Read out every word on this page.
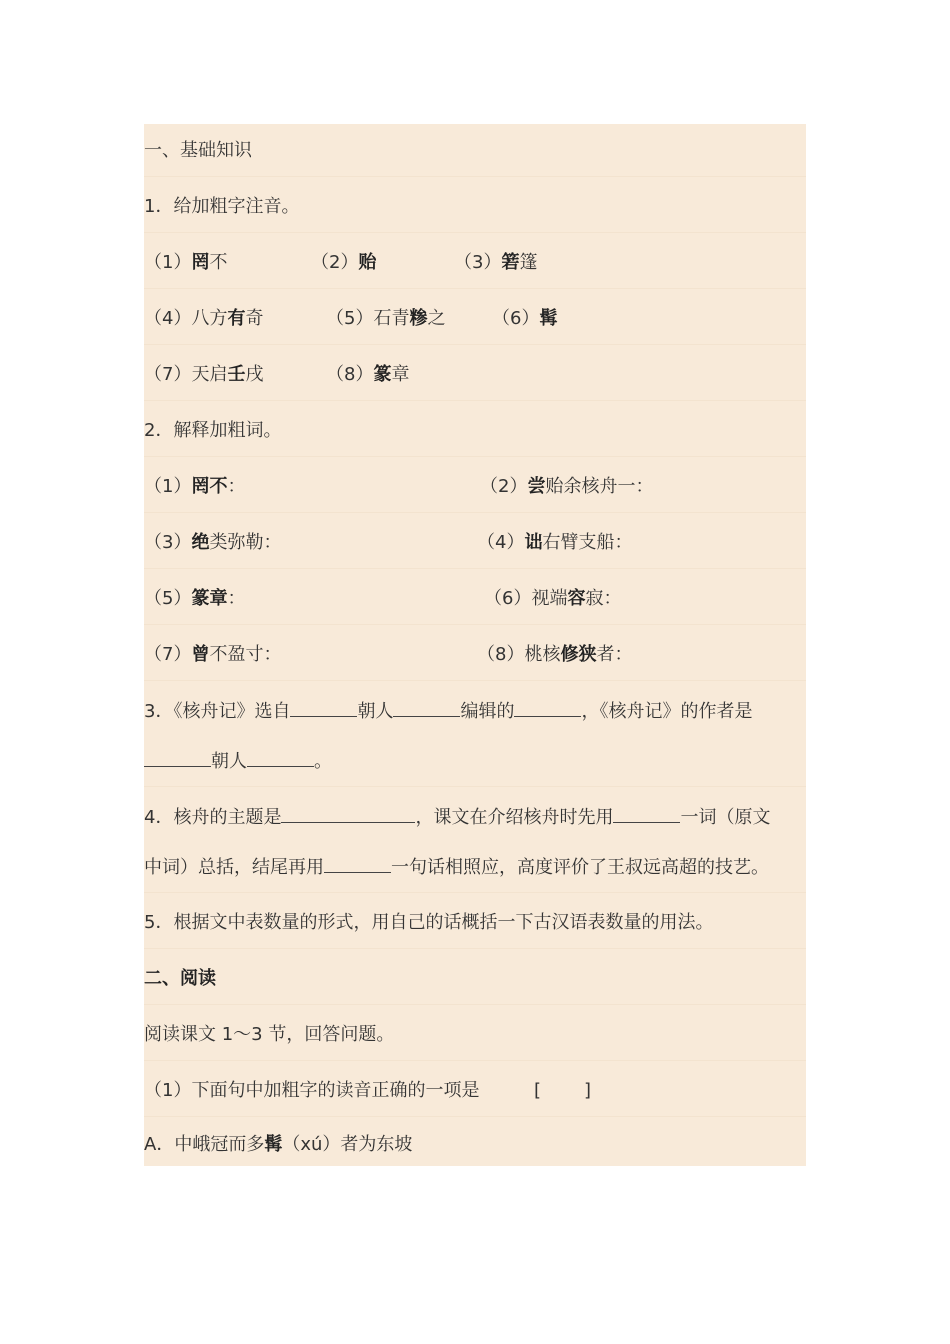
一、基础知识
1．给加粗字注音。
（1）罔不	（2）贻	（3）箬篷
（4）八方有奇	（5）石青糁之	（6）髯
（7）天启壬戌	（8）篆章
2．解释加粗词。
（1）罔不：	（2）尝贻余核舟一：
（3）绝类弥勒：	（4）诎右臂支船：
（5）篆章：	（6）视端容寂：
（7）曾不盈寸：	（8）桃核修狭者：
3．《核舟记》选自	朝人	编辑的	，《核舟记》的作者是
朝人	。
4．核舟的主题是	，课文在介绍核舟时先用	一词（原文
中词）总括，结尾再用	一句话相照应，高度评价了王叔远高超的技艺。
5．根据文中表数量的形式，用自己的话概括一下古汉语表数量的用法。
二、阅读
阅读课文 1～3 节，回答问题。
（1）下面句中加粗字的读音正确的一项是	[ ]
A．中峨冠而多髯（xú）者为东坡
